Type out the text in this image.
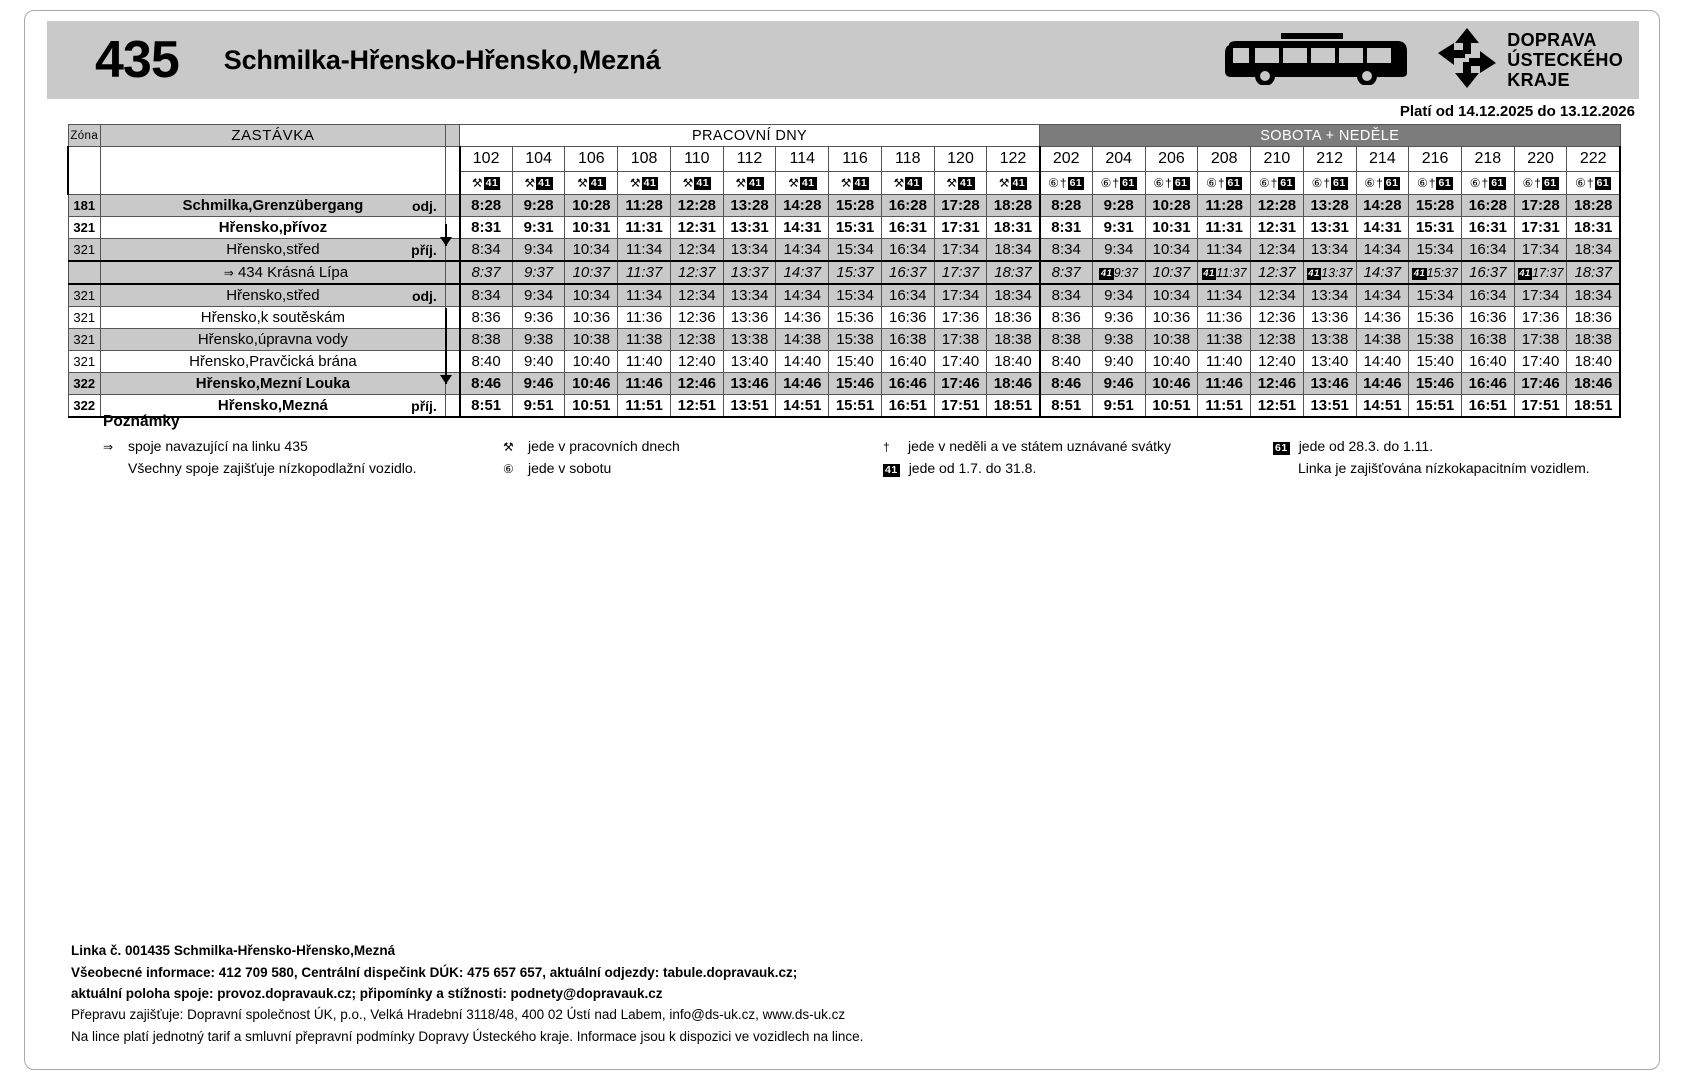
435 Schmilka-Hřensko-Hřensko,Mezná
DOPRAVA
ÚSTECKÉHO
KRAJE
Platí od 14.12.2025 do 13.12.2026
Zóna	ZASTÁVKA		PRACOVNÍ DNY											SOBOTA + NEDĚLE										
			102	104	106	108	110	112	114	116	118	120	122	202	204	206	208	210	212	214	216	218	220	222

			⚒ 41	⚒ 41	⚒ 41	⚒ 41	⚒ 41	⚒ 41	⚒ 41	⚒ 41	⚒ 41	⚒ 41	⚒ 41	⑥ † 61	⑥ † 61	⑥ † 61	⑥ † 61	⑥ † 61	⑥ † 61	⑥ † 61	⑥ † 61	⑥ † 61	⑥ † 61	⑥ † 61

181	Schmilka,Grenzübergang odj.		8:28	9:28	10:28	11:28	12:28	13:28	14:28	15:28	16:28	17:28	18:28	8:28	9:28	10:28	11:28	12:28	13:28	14:28	15:28	16:28	17:28	18:28
321	Hřensko,přívoz		8:31	9:31	10:31	11:31	12:31	13:31	14:31	15:31	16:31	17:31	18:31	8:31	9:31	10:31	11:31	12:31	13:31	14:31	15:31	16:31	17:31	18:31
321	Hřensko,střed příj.		8:34	9:34	10:34	11:34	12:34	13:34	14:34	15:34	16:34	17:34	18:34	8:34	9:34	10:34	11:34	12:34	13:34	14:34	15:34	16:34	17:34	18:34
	⇒ 434 Krásná Lípa		8:37	9:37	10:37	11:37	12:37	13:37	14:37	15:37	16:37	17:37	18:37	8:37	41 9:37	10:37	41 11:37	12:37	41 13:37	14:37	41 15:37	16:37	41 17:37	18:37
321	Hřensko,střed odj.		8:34	9:34	10:34	11:34	12:34	13:34	14:34	15:34	16:34	17:34	18:34	8:34	9:34	10:34	11:34	12:34	13:34	14:34	15:34	16:34	17:34	18:34
321	Hřensko,k soutěskám		8:36	9:36	10:36	11:36	12:36	13:36	14:36	15:36	16:36	17:36	18:36	8:36	9:36	10:36	11:36	12:36	13:36	14:36	15:36	16:36	17:36	18:36
321	Hřensko,úpravna vody		8:38	9:38	10:38	11:38	12:38	13:38	14:38	15:38	16:38	17:38	18:38	8:38	9:38	10:38	11:38	12:38	13:38	14:38	15:38	16:38	17:38	18:38
321	Hřensko,Pravčická brána		8:40	9:40	10:40	11:40	12:40	13:40	14:40	15:40	16:40	17:40	18:40	8:40	9:40	10:40	11:40	12:40	13:40	14:40	15:40	16:40	17:40	18:40
322	Hřensko,Mezní Louka		8:46	9:46	10:46	11:46	12:46	13:46	14:46	15:46	16:46	17:46	18:46	8:46	9:46	10:46	11:46	12:46	13:46	14:46	15:46	16:46	17:46	18:46
322	Hřensko,Mezná příj.		8:51	9:51	10:51	11:51	12:51	13:51	14:51	15:51	16:51	17:51	18:51	8:51	9:51	10:51	11:51	12:51	13:51	14:51	15:51	16:51	17:51	18:51
Poznámky
⇒ spoje navazující na linku 435	⚒ jede v pracovních dnech	† jede v neděli a ve státem uznávané svátky	61 jede od 28.3. do 1.11.
Všechny spoje zajišťuje nízkopodlažní vozidlo.	⑥ jede v sobotu	41 jede od 1.7. do 31.8.	Linka je zajišťována nízkokapacitním vozidlem.
Linka č. 001435 Schmilka-Hřensko-Hřensko,Mezná
Všeobecné informace: 412 709 580, Centrální dispečink DÚK: 475 657 657, aktuální odjezdy: tabule.dopravauk.cz;
aktuální poloha spoje: provoz.dopravauk.cz; připomínky a stížnosti: podnety@dopravauk.cz
Přepravu zajišťuje: Dopravní společnost ÚK, p.o., Velká Hradební 3118/48, 400 02 Ústí nad Labem, info@ds-uk.cz, www.ds-uk.cz
Na lince platí jednotný tarif a smluvní přepravní podmínky Dopravy Ústeckého kraje. Informace jsou k dispozici ve vozidlech na lince.
